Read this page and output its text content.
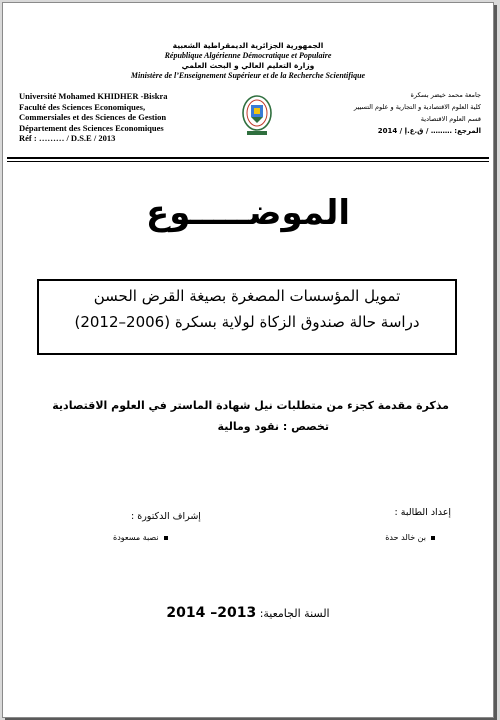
الجمهورية الجزائرية الديمقراطية الشعبية
République Algérienne Démocratique et Populaire
وزارة التعليم العالي و البحث العلمي
Ministère de l’Enseignement Supérieur et de la Recherche Scientifique
Université Mohamed KHIDHER -Biskra
Faculté des Sciences Economiques,
Commersiales et des Sciences de Gestion
Département des Sciences Economiques
Réf : ……… / D.S.E / 2013
جامعة محمد خيضر بسكرة
كلية العلوم الاقتصادية و التجارية و علوم التسيير
قسم العلوم الاقتصادية
المرجع: ……… / ق.ع.إ / 2014
الموضـــــوع
تمويل المؤسسات المصغرة بصيغة القرض الحسن
دراسة حالة صندوق الزكاة لولاية بسكرة (2006–2012)
مذكرة مقدمة كجزء من متطلبات نيل شهادة الماستر في العلوم الاقتصادية
تخصص : نقود ومالية
إعداد الطالبة :
بن خالد حدة
إشراف الدكتورة :
نصبة مسعودة
السنة الجامعية: 2013– 2014
